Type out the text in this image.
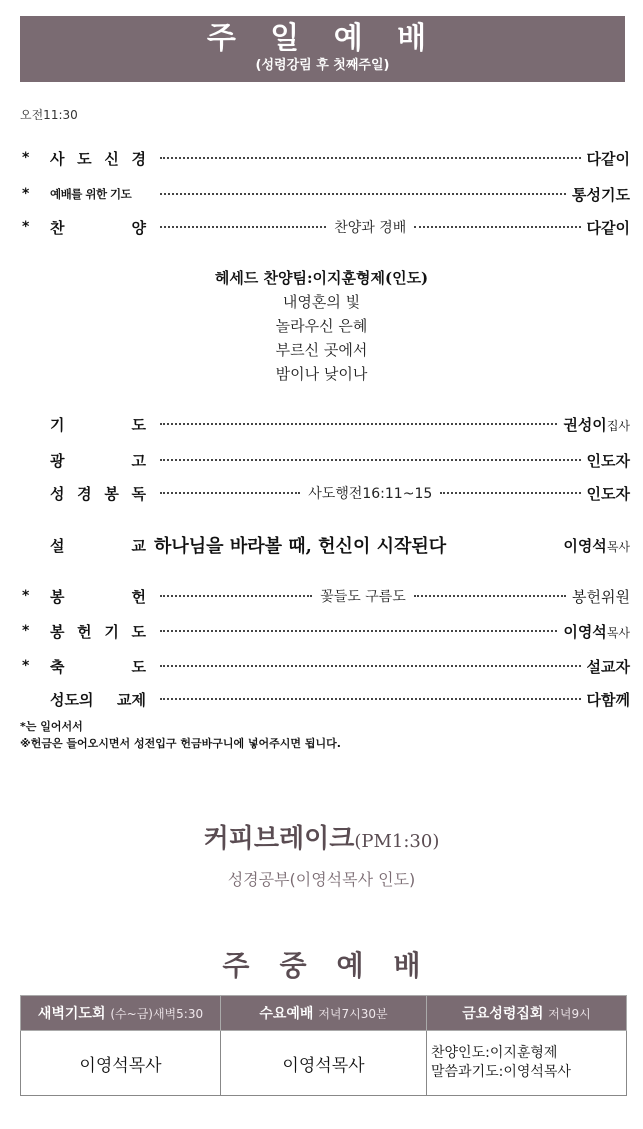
주 일 예 배
(성령강림 후 첫째주일)
오전11:30
*	사 도 신 경	다같이
*	예배를 위한 기도	통성기도
*	찬 양	찬양과 경배	다같이
헤세드 찬양팀:이지훈형제(인도)
내영혼의 빛
놀라우신 은혜
부르신 곳에서
밤이나 낮이나
기 도	권성이집사
광 고	인도자
성 경 봉 독	사도행전16:11~15	인도자
설 교 하나님을 바라볼 때, 헌신이 시작된다	이영석목사
*	봉 헌	꽃들도 구름도	봉헌위원
*	봉 헌 기 도	이영석목사
*	축 도	설교자
성도의 교제	다함께
*는 일어서서
※헌금은 들어오시면서 성전입구 헌금바구니에 넣어주시면 됩니다.
커피브레이크(PM1:30)
성경공부(이영석목사 인도)
주중예배
새벽기도회 (수~금)새벽5:30	수요예배 저녁7시30분	금요성령집회 저녁9시
이영석목사	이영석목사	찬양인도:이지훈형제
말씀과기도:이영석목사
